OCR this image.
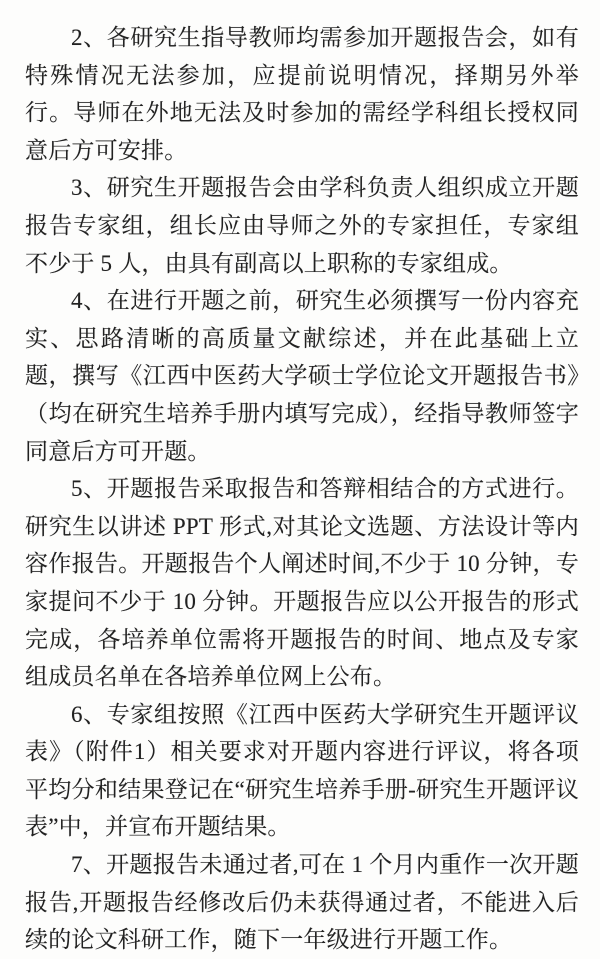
2、各研究生指导教师均需参加开题报告会，如有特殊情况无法参加，应提前说明情况，择期另外举行。导师在外地无法及时参加的需经学科组长授权同意后方可安排。

3、研究生开题报告会由学科负责人组织成立开题报告专家组，组长应由导师之外的专家担任，专家组不少于 5 人，由具有副高以上职称的专家组成。

4、在进行开题之前，研究生必须撰写一份内容充实、思路清晰的高质量文献综述，并在此基础上立题，撰写《江西中医药大学硕士学位论文开题报告书》（均在研究生培养手册内填写完成），经指导教师签字同意后方可开题。

5、开题报告采取报告和答辩相结合的方式进行。研究生以讲述 PPT 形式,对其论文选题、方法设计等内容作报告。开题报告个人阐述时间,不少于 10 分钟，专家提问不少于 10 分钟。开题报告应以公开报告的形式完成，各培养单位需将开题报告的时间、地点及专家组成员名单在各培养单位网上公布。

6、专家组按照《江西中医药大学研究生开题评议表》（附件1）相关要求对开题内容进行评议，将各项平均分和结果登记在“研究生培养手册-研究生开题评议表”中，并宣布开题结果。

7、开题报告未通过者,可在 1 个月内重作一次开题报告,开题报告经修改后仍未获得通过者，不能进入后续的论文科研工作，随下一年级进行开题工作。
